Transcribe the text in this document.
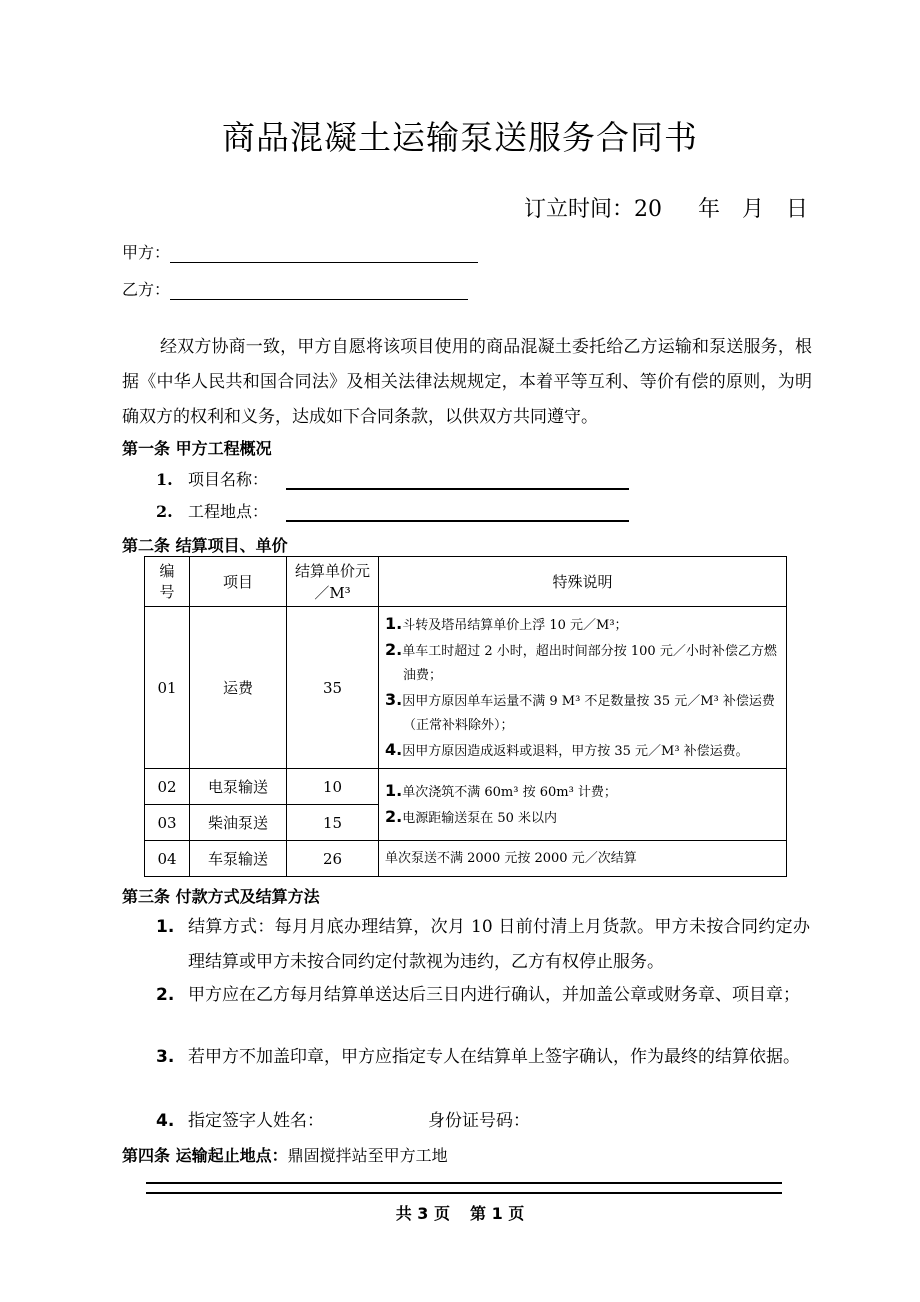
商品混凝土运输泵送服务合同书
订立时间：20 年 月 日
甲方：
乙方：
经双方协商一致，甲方自愿将该项目使用的商品混凝土委托给乙方运输和泵送服务，根据《中华人民共和国合同法》及相关法律法规规定，本着平等互利、等价有偿的原则，为明确双方的权利和义务，达成如下合同条款，以供双方共同遵守。
第一条 甲方工程概况
1. 项目名称：
2. 工程地点：
第二条 结算项目、单价
编号	项目	结算单价元／M³	特殊说明
01	运费	35	1.斗转及塔吊结算单价上浮 10 元／M³；
2.单车工时超过 2 小时，超出时间部分按 100 元／小时补偿乙方燃油费；
3.因甲方原因单车运量不满 9 M³ 不足数量按 35 元／M³ 补偿运费（正常补料除外）；
4.因甲方原因造成返料或退料，甲方按 35 元／M³ 补偿运费。

02	电泵输送	10	1.单次浇筑不满 60m³ 按 60m³ 计费；
2.电源距输送泵在 50 米以内

03	柴油泵送	15	
04	车泵输送	26	单次泵送不满 2000 元按 2000 元／次结算
第三条 付款方式及结算方法
1. 结算方式：每月月底办理结算，次月 10 日前付清上月货款。甲方未按合同约定办理结算或甲方未按合同约定付款视为违约，乙方有权停止服务。
2. 甲方应在乙方每月结算单送达后三日内进行确认，并加盖公章或财务章、项目章；
3. 若甲方不加盖印章，甲方应指定专人在结算单上签字确认，作为最终的结算依据。
4. 指定签字人姓名：	身份证号码：
第四条 运输起止地点：鼎固搅拌站至甲方工地
共 3 页 第 1 页
